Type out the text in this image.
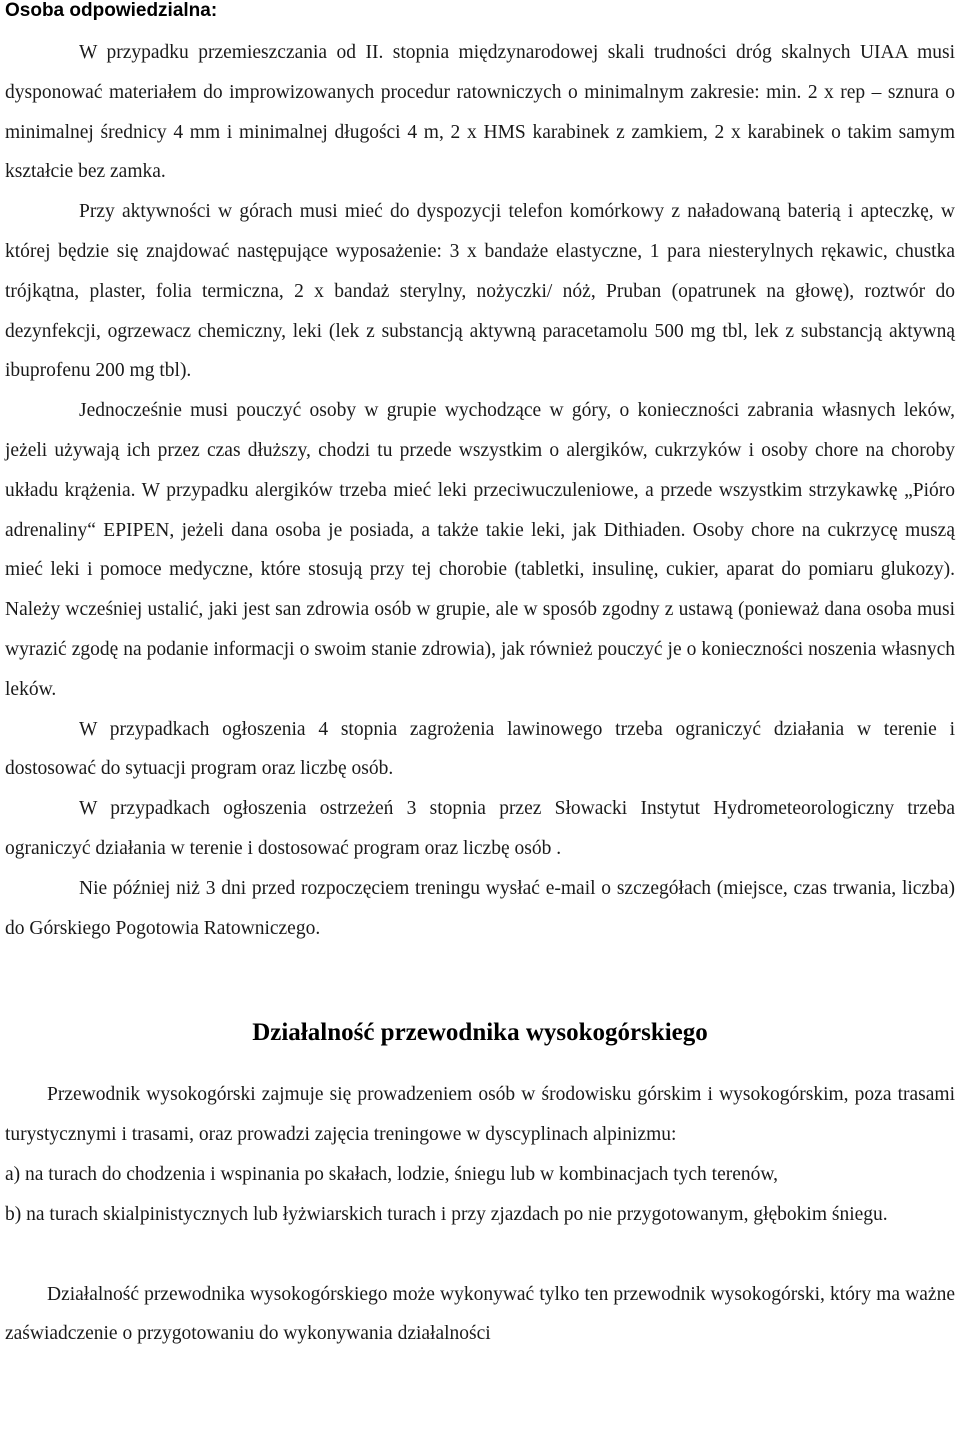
Osoba odpowiedzialna:

W przypadku przemieszczania od II. stopnia międzynarodowej skali trudności dróg skalnych UIAA musi dysponować materiałem do improwizowanych procedur ratowniczych o minimalnym zakresie: min. 2 x rep – sznura o minimalnej średnicy 4 mm i minimalnej długości 4 m, 2 x HMS karabinek z zamkiem, 2 x karabinek o takim samym kształcie bez zamka.

Przy aktywności w górach musi mieć do dyspozycji telefon komórkowy z naładowaną baterią i apteczkę, w której będzie się znajdować następujące wyposażenie: 3 x bandaże elastyczne, 1 para niesterylnych rękawic, chustka trójkątna, plaster, folia termiczna, 2 x bandaż sterylny, nożyczki/ nóż, Pruban (opatrunek na głowę), roztwór do dezynfekcji, ogrzewacz chemiczny, leki (lek z substancją aktywną paracetamolu 500 mg tbl, lek z substancją aktywną ibuprofenu 200 mg tbl).

Jednocześnie musi pouczyć osoby w grupie wychodzące w góry, o konieczności zabrania własnych leków, jeżeli używają ich przez czas dłuższy, chodzi tu przede wszystkim o alergików, cukrzyków i osoby chore na choroby układu krążenia. W przypadku alergików trzeba mieć leki przeciwuczuleniowe, a przede wszystkim strzykawkę „Pióro adrenaliny“ EPIPEN, jeżeli dana osoba je posiada, a także takie leki, jak Dithiaden. Osoby chore na cukrzycę muszą mieć leki i pomoce medyczne, które stosują przy tej chorobie (tabletki, insulinę, cukier, aparat do pomiaru glukozy). Należy wcześniej ustalić, jaki jest san zdrowia osób w grupie, ale w sposób zgodny z ustawą (ponieważ dana osoba musi wyrazić zgodę na podanie informacji o swoim stanie zdrowia), jak również pouczyć je o konieczności noszenia własnych leków.

W przypadkach ogłoszenia 4 stopnia zagrożenia lawinowego trzeba ograniczyć działania w terenie i dostosować do sytuacji program oraz liczbę osób.

W przypadkach ogłoszenia ostrzeżeń 3 stopnia przez Słowacki Instytut Hydrometeorologiczny trzeba ograniczyć działania w terenie i dostosować program oraz liczbę osób .

Nie później niż 3 dni przed rozpoczęciem treningu wysłać e-mail o szczegółach (miejsce, czas trwania, liczba) do Górskiego Pogotowia Ratowniczego.

Działalność przewodnika wysokogórskiego

Przewodnik wysokogórski zajmuje się prowadzeniem osób w środowisku górskim i wysokogórskim, poza trasami turystycznymi i trasami, oraz prowadzi zajęcia treningowe w dyscyplinach alpinizmu:

a) na turach do chodzenia i wspinania po skałach, lodzie, śniegu lub w kombinacjach tych terenów,

b) na turach skialpinistycznych lub łyżwiarskich turach i przy zjazdach po nie przygotowanym, głębokim śniegu.

Działalność przewodnika wysokogórskiego może wykonywać tylko ten przewodnik wysokogórski, który ma ważne zaświadczenie o przygotowaniu do wykonywania działalności
